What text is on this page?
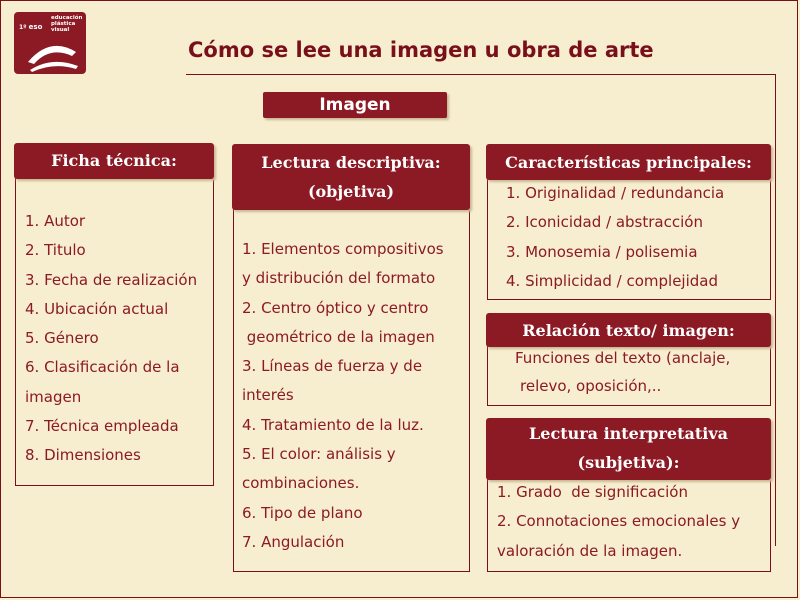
1º eso
educación
plástica
visual
Cómo se lee una imagen u obra de arte
Imagen
1. Autor
2. Titulo
3. Fecha de realización
4. Ubicación actual
5. Género
6. Clasificación de la
imagen
7. Técnica empleada
8. Dimensiones
Ficha técnica:
1. Elementos compositivos
y distribución del formato
2. Centro óptico y centro
geométrico de la imagen
3. Líneas de fuerza y de
interés
4. Tratamiento de la luz.
5. El color: análisis y
combinaciones.
6. Tipo de plano
7. Angulación
Lectura descriptiva:
(objetiva)	1. Originalidad / redundancia
2. Iconicidad / abstracción
3. Monosemia / polisemia
4. Simplicidad / complejidad
Características principales:
Funciones del texto (anclaje,
relevo, oposición,..
Relación texto/ imagen:
1. Grado  de significación
2. Connotaciones emocionales y
valoración de la imagen.
Lectura interpretativa
(subjetiva):
